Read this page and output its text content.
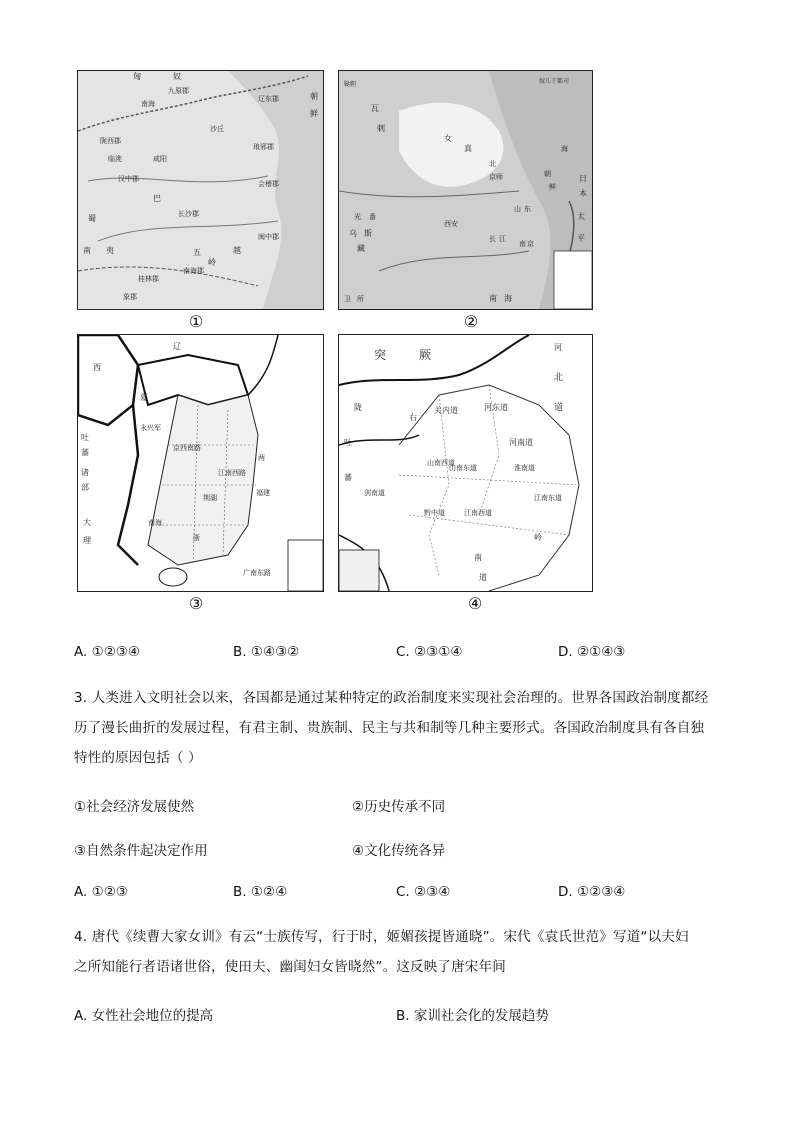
匈	奴
辽东郡	朝
鲜
南海
九原郡
陇西郡
临洮	咸阳
汉中郡
长沙郡
会稽郡
闽中郡
南 夷	五
岭
越
南海郡
桂林郡
象郡
沙丘
琅邪郡
蜀
巴
①
鞑靼
瓦
剌
奴儿干都司
女
真
朝
鲜
日
本
海
京师
北
西安
山 东
乌 斯
藏
光 番
卫 所
长 江
南 京
南 海
太
平
②
辽
西
夏
吐
蕃
诸
部
大
理
永兴军
京西南路
荆湖
江南西路
福建
两
浙
广南东路
南海
③
突	厥
河
北
道
关内道
陇
右
河东道
河南道
吐
蕃
山南西道
山南东道	淮南道
江南西道
江南东道
黔中道
岭
南
道
剑南道
④
A. ①②③④	B. ①④③②	C. ②③①④	D. ②①④③
3. 人类进入文明社会以来，各国都是通过某种特定的政治制度来实现社会治理的。世界各国政治制度都经
历了漫长曲折的发展过程，有君主制、贵族制、民主与共和制等几种主要形式。各国政治制度具有各自独
特性的原因包括（ ）
①社会经济发展使然	②历史传承不同
③自然条件起决定作用	④文化传统各异
A. ①②③	B. ①②④	C. ②③④	D. ①②③④
4. 唐代《续曹大家女训》有云“士族传写，行于时，姬媚孩提皆通晓”。宋代《袁氏世范》写道“以夫妇
之所知能行者语诸世俗，使田夫、幽闺妇女皆晓然”。这反映了唐宋年间
A. 女性社会地位的提高	B. 家训社会化的发展趋势
